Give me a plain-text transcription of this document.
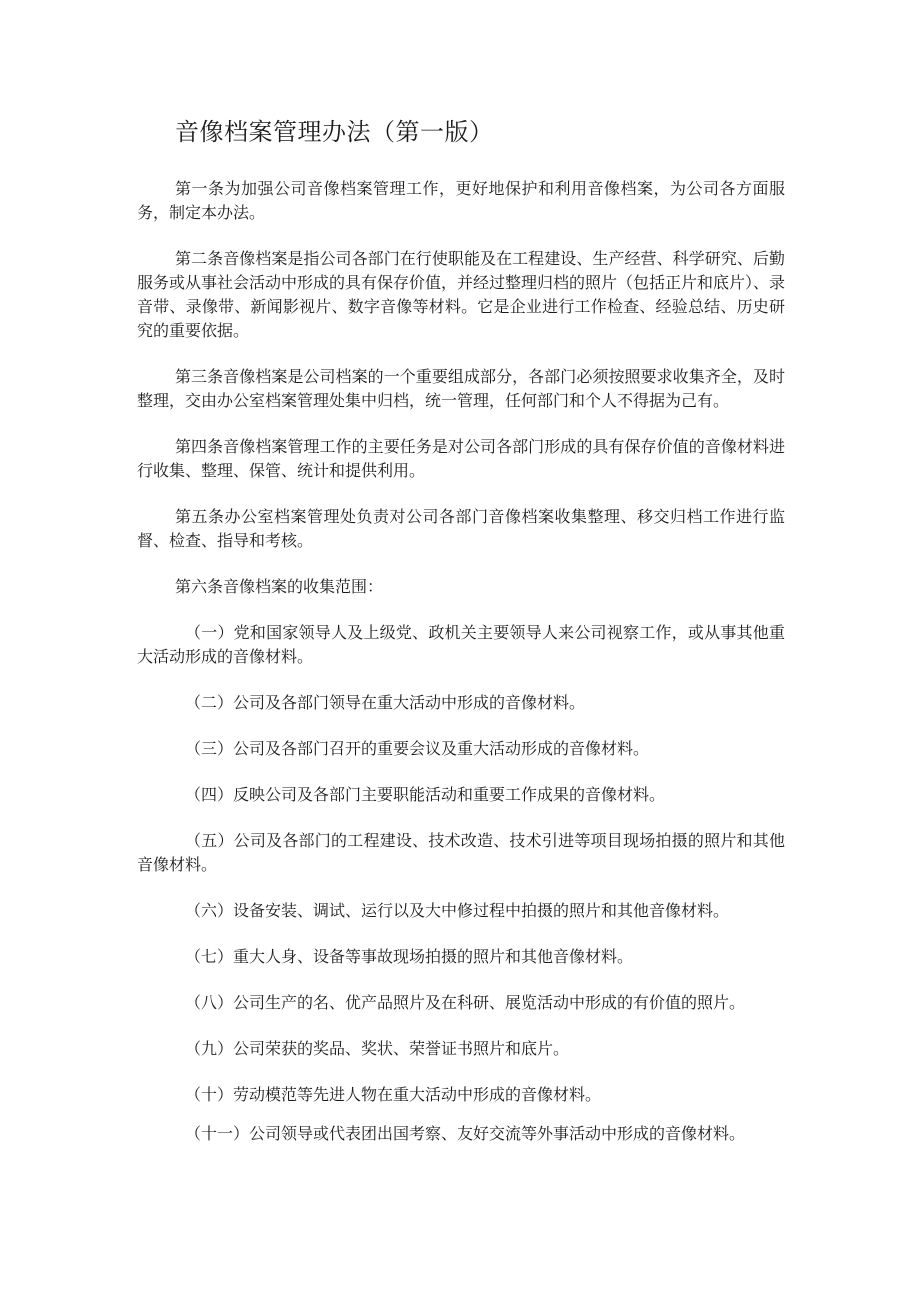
音像档案管理办法（第一版）

第一条为加强公司音像档案管理工作，更好地保护和利用音像档案，为公司各方面服务，制定本办法。

第二条音像档案是指公司各部门在行使职能及在工程建设、生产经营、科学研究、后勤服务或从事社会活动中形成的具有保存价值，并经过整理归档的照片（包括正片和底片）、录音带、录像带、新闻影视片、数字音像等材料。它是企业进行工作检查、经验总结、历史研究的重要依据。

第三条音像档案是公司档案的一个重要组成部分，各部门必须按照要求收集齐全，及时整理，交由办公室档案管理处集中归档，统一管理，任何部门和个人不得据为己有。

第四条音像档案管理工作的主要任务是对公司各部门形成的具有保存价值的音像材料进行收集、整理、保管、统计和提供利用。

第五条办公室档案管理处负责对公司各部门音像档案收集整理、移交归档工作进行监督、检查、指导和考核。

第六条音像档案的收集范围：

（一）党和国家领导人及上级党、政机关主要领导人来公司视察工作，或从事其他重大活动形成的音像材料。

（二）公司及各部门领导在重大活动中形成的音像材料。

（三）公司及各部门召开的重要会议及重大活动形成的音像材料。

（四）反映公司及各部门主要职能活动和重要工作成果的音像材料。

（五）公司及各部门的工程建设、技术改造、技术引进等项目现场拍摄的照片和其他音像材料。

（六）设备安装、调试、运行以及大中修过程中拍摄的照片和其他音像材料。

（七）重大人身、设备等事故现场拍摄的照片和其他音像材料。

（八）公司生产的名、优产品照片及在科研、展览活动中形成的有价值的照片。

（九）公司荣获的奖品、奖状、荣誉证书照片和底片。

（十）劳动模范等先进人物在重大活动中形成的音像材料。

（十一）公司领导或代表团出国考察、友好交流等外事活动中形成的音像材料。
